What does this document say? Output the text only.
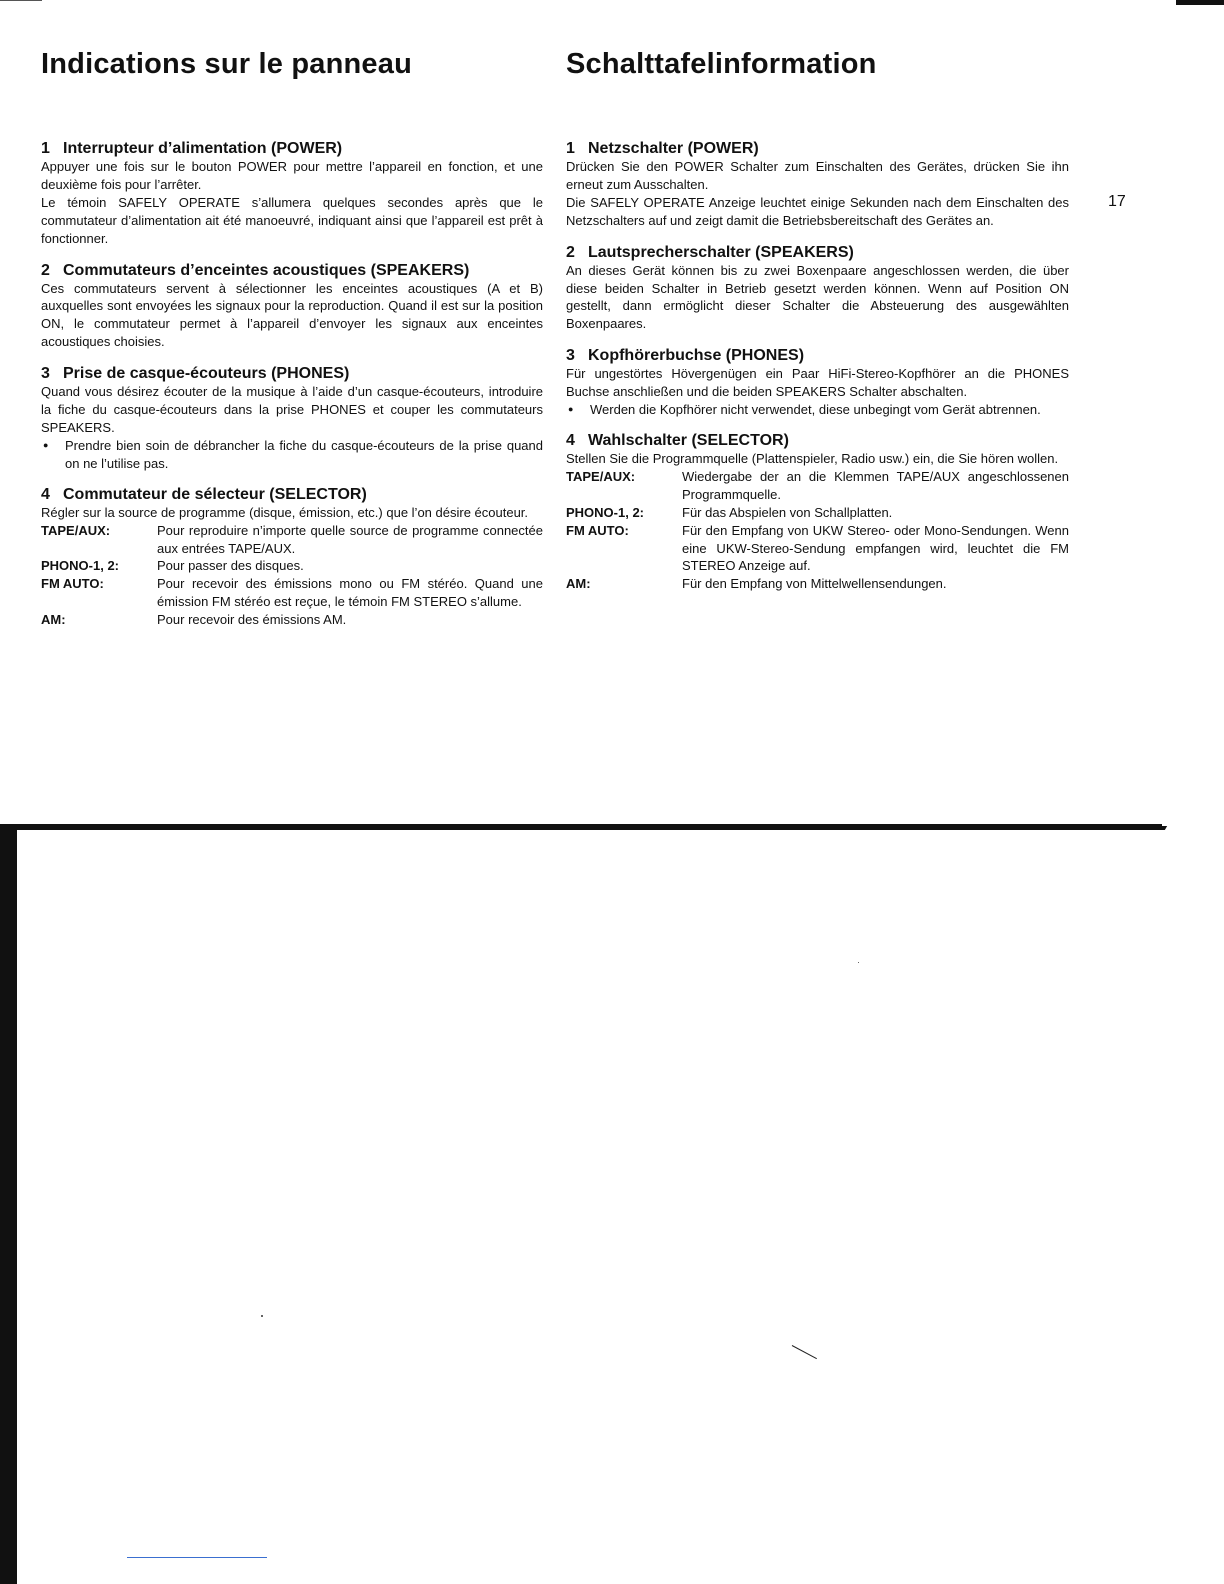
Indications sur le panneau
1 Interrupteur d’alimentation (POWER)

Appuyer une fois sur le bouton POWER pour mettre l’appareil en fonction, et une deuxième fois pour l’arrêter.

Le témoin SAFELY OPERATE s’allumera quelques secondes après que le commutateur d’alimentation ait été manoeuvré, indiquant ainsi que l’appareil est prêt à fonctionner.

2 Commutateurs d’enceintes acoustiques (SPEAKERS)

Ces commutateurs servent à sélectionner les enceintes acoustiques (A et B) auxquelles sont envoyées les signaux pour la reproduction. Quand il est sur la position ON, le commutateur permet à l’appareil d’envoyer les signaux aux enceintes acoustiques choisies.

3 Prise de casque-écouteurs (PHONES)

Quand vous désirez écouter de la musique à l’aide d’un casque-écouteurs, introduire la fiche du casque-écouteurs dans la prise PHONES et couper les commutateurs SPEAKERS.

●	Prendre bien soin de débrancher la fiche du casque-écouteurs de la prise quand on ne l’utilise pas.
4 Commutateur de sélecteur (SELECTOR)

Régler sur la source de programme (disque, émission, etc.) que l’on désire écouteur.

TAPE/AUX:	Pour reproduire n’importe quelle source de programme connectée aux entrées TAPE/AUX.
PHONO-1, 2:	Pour passer des disques.
FM AUTO:	Pour recevoir des émissions mono ou FM stéréo. Quand une émission FM stéréo est reçue, le témoin FM STEREO s’allume.
AM:	Pour recevoir des émissions AM.
Schalttafelinformation
1 Netzschalter (POWER)

Drücken Sie den POWER Schalter zum Einschalten des Gerätes, drücken Sie ihn erneut zum Ausschalten.

Die SAFELY OPERATE Anzeige leuchtet einige Sekunden nach dem Einschalten des Netzschalters auf und zeigt damit die Betriebsbereitschaft des Gerätes an.

2 Lautsprecherschalter (SPEAKERS)

An dieses Gerät können bis zu zwei Boxenpaare angeschlossen werden, die über diese beiden Schalter in Betrieb gesetzt werden können. Wenn auf Position ON gestellt, dann ermöglicht dieser Schalter die Absteuerung des ausgewählten Boxenpaares.

3 Kopfhörerbuchse (PHONES)

Für ungestörtes Hövergenügen ein Paar HiFi-Stereo-Kopfhörer an die PHONES Buchse anschließen und die beiden SPEAKERS Schalter abschalten.

●	Werden die Kopfhörer nicht verwendet, diese unbegingt vom Gerät abtrennen.
4 Wahlschalter (SELECTOR)

Stellen Sie die Programmquelle (Plattenspieler, Radio usw.) ein, die Sie hören wollen.

TAPE/AUX:	Wiedergabe der an die Klemmen TAPE/AUX angeschlossenen Programmquelle.
PHONO-1, 2:	Für das Abspielen von Schallplatten.
FM AUTO:	Für den Empfang von UKW Stereo- oder Mono-Sendungen. Wenn eine UKW-Stereo-Sendung empfangen wird, leuchtet die FM STEREO Anzeige auf.
AM:	Für den Empfang von Mittelwellensendungen.
17
